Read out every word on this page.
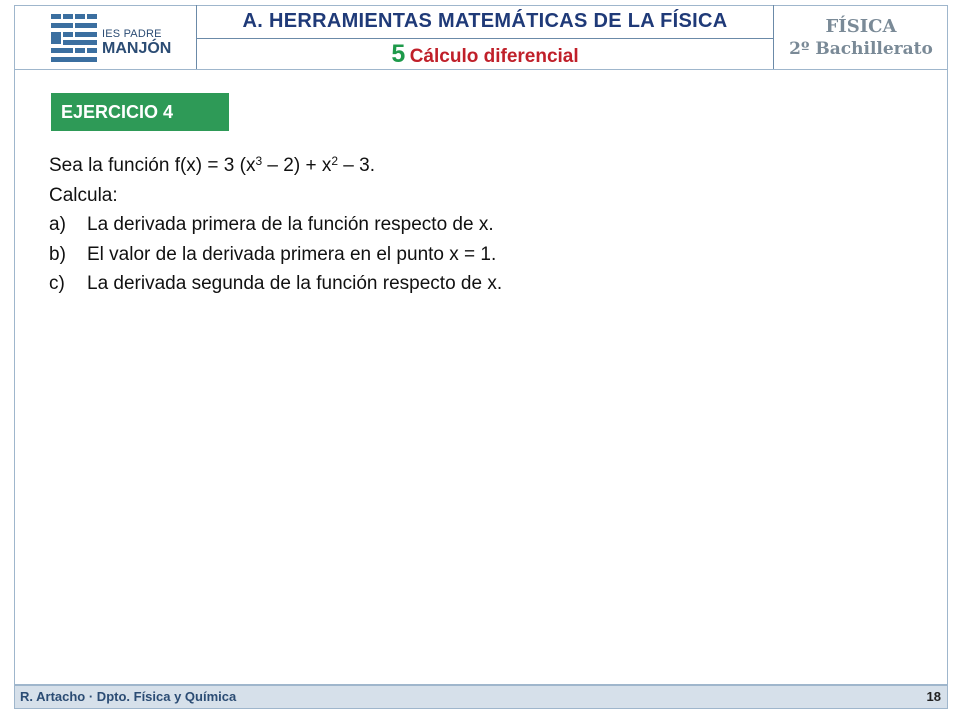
IES PADRE
MANJÓN
A. HERRAMIENTAS MATEMÁTICAS DE LA FÍSICA
5 Cálculo diferencial
FÍSICA
2º Bachillerato
EJERCICIO 4

Sea la función f(x) = 3 $(x^3 - 2) + x^2 - 3$.

Calcula:

a) La derivada primera de la función respecto de x.
b) El valor de la derivada primera en el punto x = 1.
c) La derivada segunda de la función respecto de x.
R. Artacho · Dpto. Física y Química	18
